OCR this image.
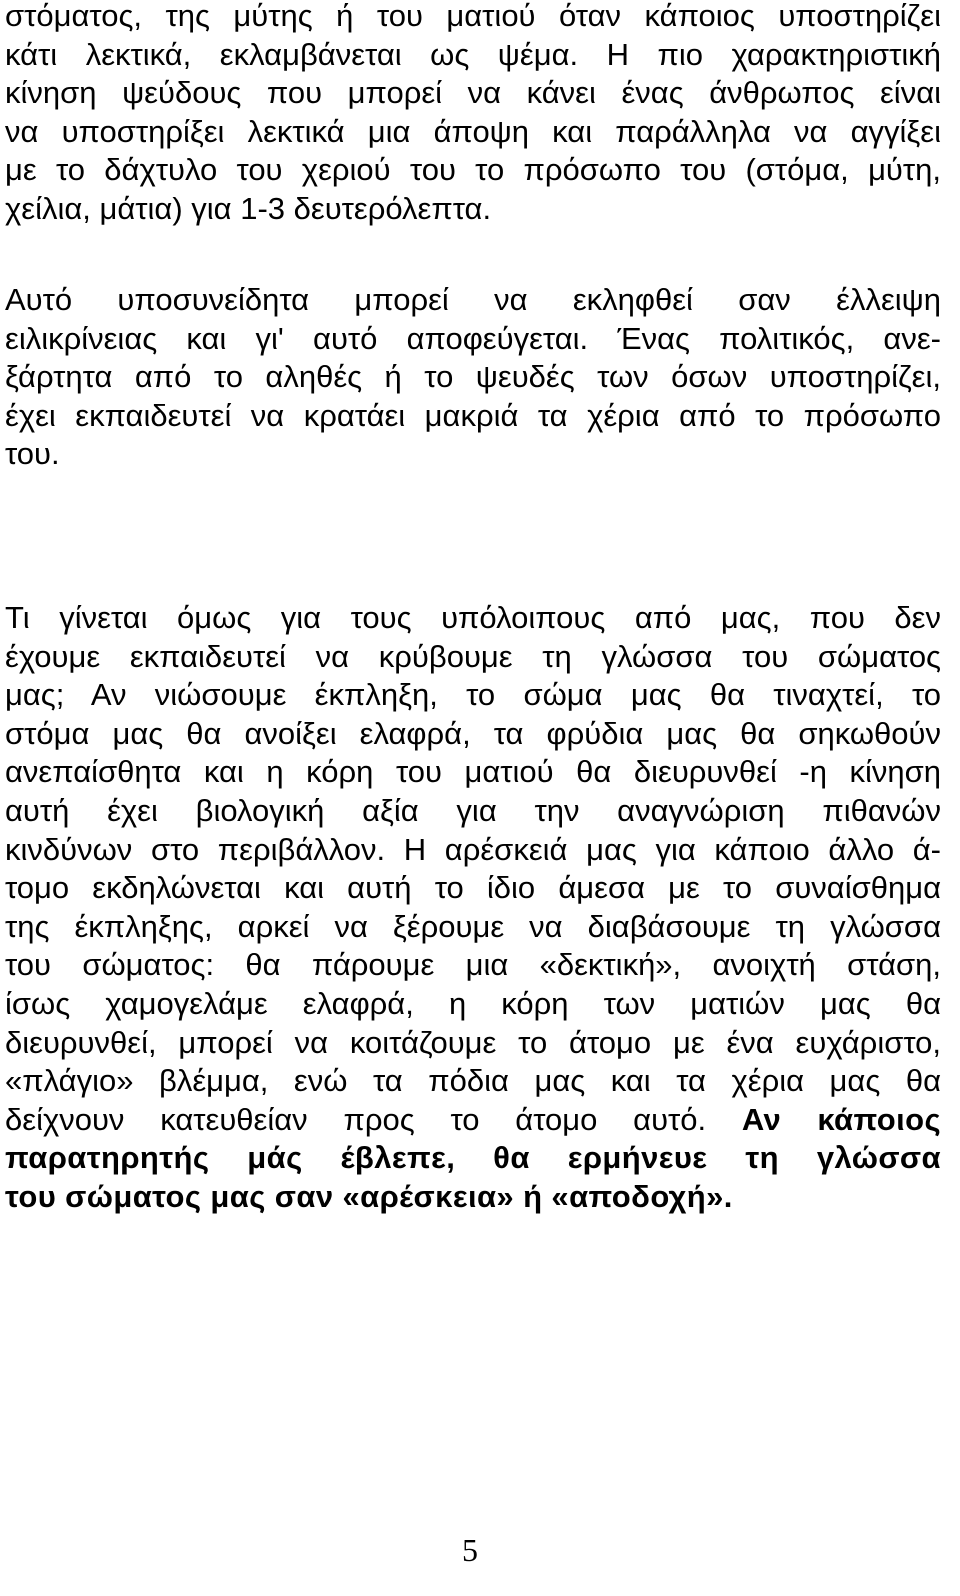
στόματος, της μύτης ή του ματιού όταν κάποιος υποστηρίζει
κάτι λεκτικά, εκλαμβάνεται ως ψέμα. Η πιο χαρακτηριστική
κίνηση ψεύδους που μπορεί να κάνει ένας άνθρωπος είναι
να υποστηρίξει λεκτικά μια άποψη και παράλληλα να αγγίξει
με το δάχτυλο του χεριού του το πρόσωπο του (στόμα, μύτη,
χείλια, μάτια) για 1-3 δευτερόλεπτα.
Αυτό υποσυνείδητα μπορεί να εκληφθεί σαν έλλειψη
ειλικρίνειας και γι' αυτό αποφεύγεται. Ένας πολιτικός, ανε-
ξάρτητα από το αληθές ή το ψευδές των όσων υποστηρίζει,
έχει εκπαιδευτεί να κρατάει μακριά τα χέρια από το πρόσωπο
του.
Τι γίνεται όμως για τους υπόλοιπους από μας, που δεν
έχουμε εκπαιδευτεί να κρύβουμε τη γλώσσα του σώματος
μας; Αν νιώσουμε έκπληξη, το σώμα μας θα τιναχτεί, το
στόμα μας θα ανοίξει ελαφρά, τα φρύδια μας θα σηκωθούν
ανεπαίσθητα και η κόρη του ματιού θα διευρυνθεί -η κίνηση
αυτή έχει βιολογική αξία για την αναγνώριση πιθανών
κινδύνων στο περιβάλλον. Η αρέσκειά μας για κάποιο άλλο ά-
τομο εκδηλώνεται και αυτή το ίδιο άμεσα με το συναίσθημα
της έκπληξης, αρκεί να ξέρουμε να διαβάσουμε τη γλώσσα
του σώματος: θα πάρουμε μια «δεκτική», ανοιχτή στάση,
ίσως χαμογελάμε ελαφρά, η κόρη των ματιών μας θα
διευρυνθεί, μπορεί να κοιτάζουμε το άτομο με ένα ευχάριστο,
«πλάγιο» βλέμμα, ενώ τα πόδια μας και τα χέρια μας θα
δείχνουν κατευθείαν προς το άτομο αυτό. Αν κάποιος
παρατηρητής μάς έβλεπε, θα ερμήνευε τη γλώσσα
του σώματος μας σαν «αρέσκεια» ή «αποδοχή».
5
